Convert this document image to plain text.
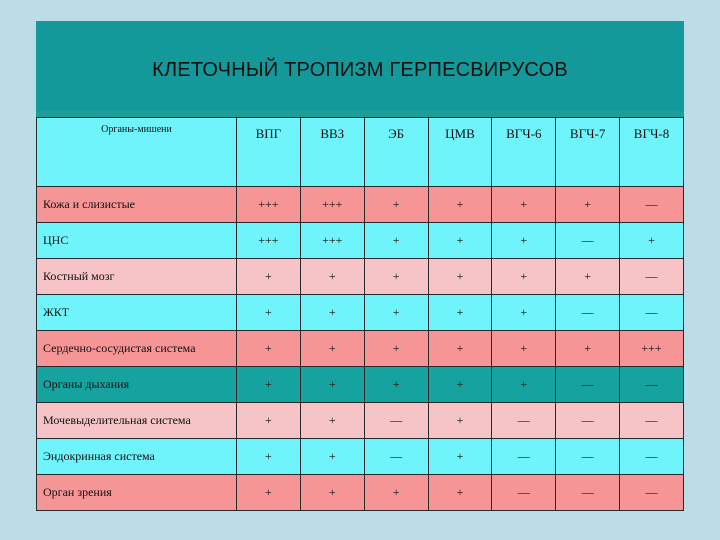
КЛЕТОЧНЫЙ ТРОПИЗМ ГЕРПЕСВИРУСОВ
Органы-мишени	ВПГ	ВВЗ	ЭБ	ЦМВ	ВГЧ-6	ВГЧ-7	ВГЧ-8
Кожа и слизистые	+++	+++	+	+	+	+	—
ЦНС	+++	+++	+	+	+	—	+
Костный мозг	+	+	+	+	+	+	—
ЖКТ	+	+	+	+	+	—	—
Сердечно-сосудистая система	+	+	+	+	+	+	+++
Органы дыхания	+	+	+	+	+	—	—
Мочевыделительная система	+	+	—	+	—	—	—
Эндокринная система	+	+	—	+	—	—	—
Орган зрения	+	+	+	+	—	—	—
